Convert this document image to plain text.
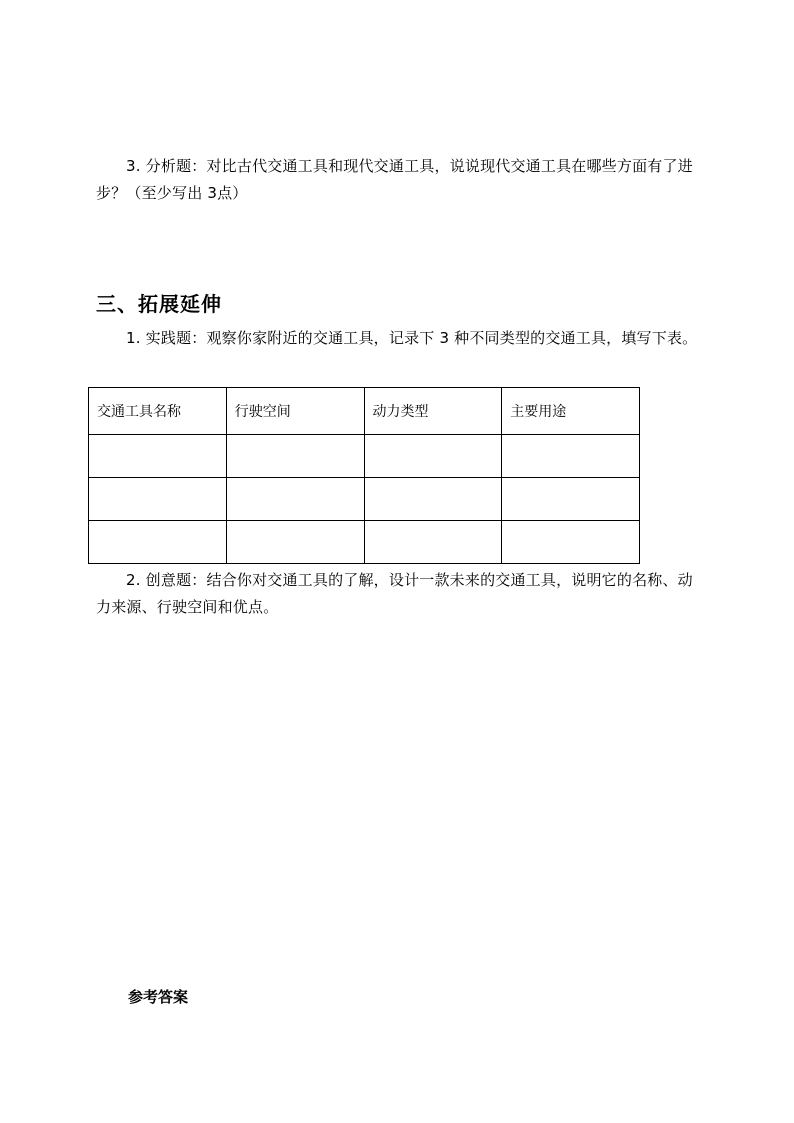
3. 分析题：对比古代交通工具和现代交通工具，说说现代交通工具在哪些方面有了进步？（至少写出 3点）
三、拓展延伸
1. 实践题：观察你家附近的交通工具，记录下 3 种不同类型的交通工具，填写下表。
交通工具名称	行驶空间	动力类型	主要用途

2. 创意题：结合你对交通工具的了解，设计一款未来的交通工具，说明它的名称、动力来源、行驶空间和优点。
参考答案
